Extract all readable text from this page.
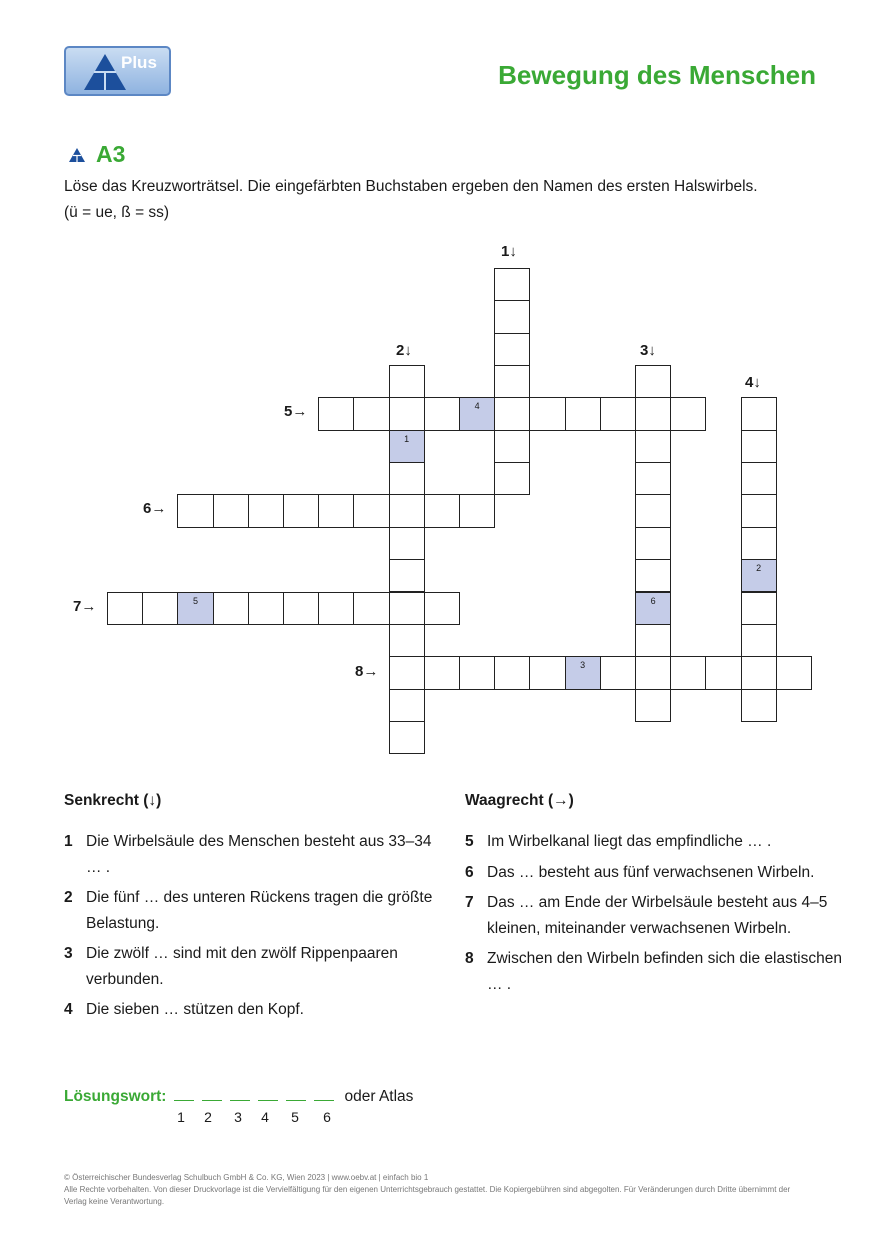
Plus	Bewegung des Menschen
A3
Löse das Kreuzworträtsel. Die eingefärbten Buchstaben ergeben den Namen des ersten Halswirbels.
(ü = ue, ß = ss)
1
6
2
4
5
3
1↓
2↓	3↓
4↓
5→
6→
7→
8→
Senkrecht (↓)
1 Die Wirbelsäule des Menschen besteht aus 33–34 … .
2 Die fünf … des unteren Rückens tragen die größte Belastung.
3 Die zwölf … sind mit den zwölf Rippenpaaren verbunden.
4 Die sieben … stützen den Kopf.
Waagrecht (→)
5 Im Wirbelkanal liegt das empfindliche … .
6 Das … besteht aus fünf verwachsenen Wirbeln.
7 Das … am Ende der Wirbelsäule besteht aus 4–5 kleinen, miteinander verwachsenen Wirbeln.
8 Zwischen den Wirbeln befinden sich die elastischen … .
Lösungswort:	oder Atlas
1	2	3	4	5	6
© Österreichischer Bundesverlag Schulbuch GmbH & Co. KG, Wien 2023 | www.oebv.at | einfach bio 1
Alle Rechte vorbehalten. Von dieser Druckvorlage ist die Vervielfältigung für den eigenen Unterrichtsgebrauch gestattet. Die Kopiergebühren sind abgegolten. Für Veränderungen durch Dritte übernimmt der Verlag keine Verantwortung.
